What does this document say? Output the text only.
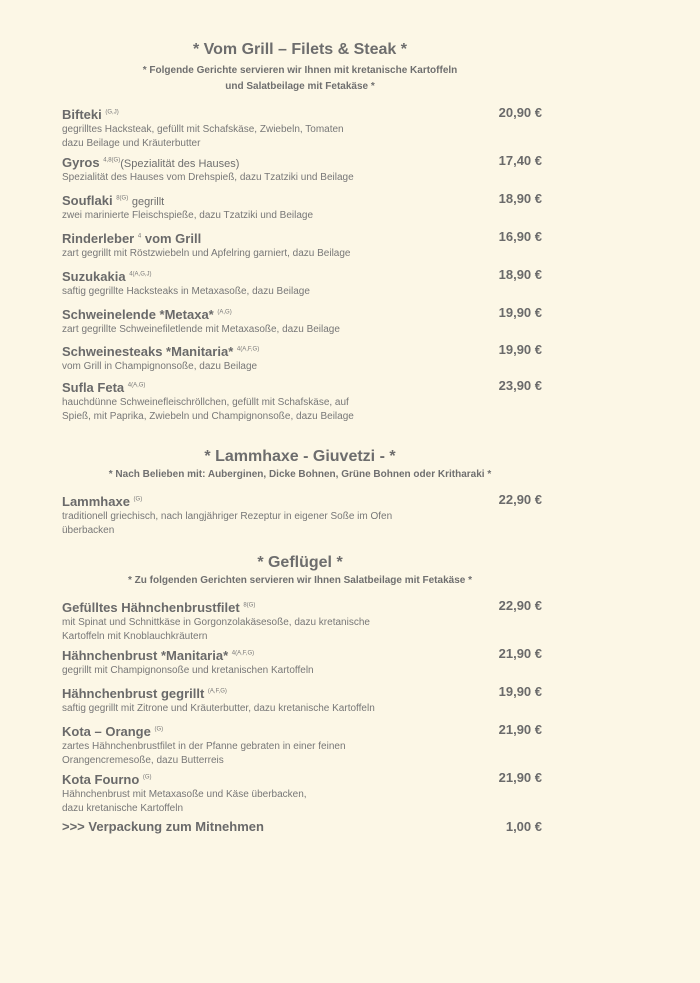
* Vom Grill – Filets & Steak *

* Folgende Gerichte servieren wir Ihnen mit kretanische Kartoffeln

und Salatbeilage mit Fetakäse *

* Lammhaxe - Giuvetzi - *

* Nach Belieben mit: Auberginen, Dicke Bohnen, Grüne Bohnen oder Kritharaki *

* Geflügel *

* Zu folgenden Gerichten servieren wir Ihnen Salatbeilage mit Fetakäse *

Bifteki $^{(G,J)}$	20,90 €
gegrilltes Hacksteak, gefüllt mit Schafskäse, Zwiebeln, Tomaten
dazu Beilage und Kräuterbutter
Gyros $^{4,8(G)}$(Spezialität des Hauses)	17,40 €
Spezialität des Hauses vom Drehspieß, dazu Tzatziki und Beilage
Souflaki $^{8(G)}$ gegrillt	18,90 €
zwei marinierte Fleischspieße, dazu Tzatziki und Beilage
Rinderleber $^4$ vom Grill	16,90 €
zart gegrillt mit Röstzwiebeln und Apfelring garniert, dazu Beilage
Suzukakia $^{4(A,G,J)}$	18,90 €
saftig gegrillte Hacksteaks in Metaxasoße, dazu Beilage
Schweinelende *Metaxa* $^{(A,G)}$	19,90 €
zart gegrillte Schweinefiletlende mit Metaxasoße, dazu Beilage
Schweinesteaks *Manitaria* $^{4(A,F,G)}$	19,90 €
vom Grill in Champignonsoße, dazu Beilage
Sufla Feta $^{4(A,G)}$	23,90 €
hauchdünne Schweinefleischröllchen, gefüllt mit Schafskäse, auf
Spieß, mit Paprika, Zwiebeln und Champignonsoße, dazu Beilage
Lammhaxe $^{(G)}$	22,90 €
traditionell griechisch, nach langjähriger Rezeptur in eigener Soße im Ofen
überbacken
Gefülltes Hähnchenbrustfilet $^{8(G)}$	22,90 €
mit Spinat und Schnittkäse in Gorgonzolakäsesoße, dazu kretanische
Kartoffeln mit Knoblauchkräutern
Hähnchenbrust *Manitaria* $^{4(A,F,G)}$	21,90 €
gegrillt mit Champignonsoße und kretanischen Kartoffeln
Hähnchenbrust gegrillt $^{(A,F,G)}$	19,90 €
saftig gegrillt mit Zitrone und Kräuterbutter, dazu kretanische Kartoffeln
Kota – Orange $^{(G)}$	21,90 €
zartes Hähnchenbrustfilet in der Pfanne gebraten in einer feinen
Orangencremesoße, dazu Butterreis
Kota Fourno $^{(G)}$	21,90 €
Hähnchenbrust mit Metaxasoße und Käse überbacken,
dazu kretanische Kartoffeln
>>> Verpackung zum Mitnehmen	1,00 €
